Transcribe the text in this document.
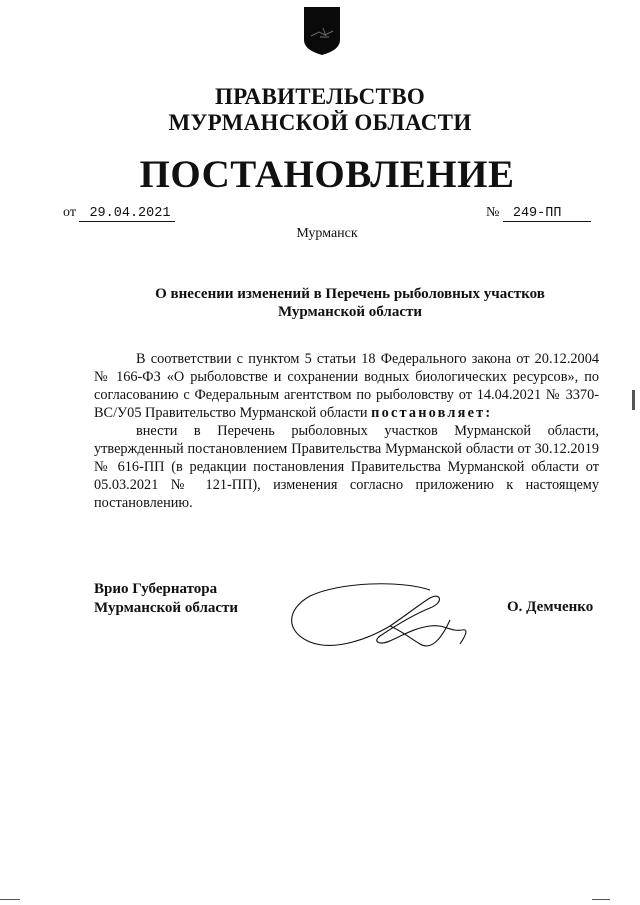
ПРАВИТЕЛЬСТВО
МУРМАНСКОЙ ОБЛАСТИ
ПОСТАНОВЛЕНИЕ
от 29.04.2021	№ 249-ПП
Мурманск
О внесении изменений в Перечень рыболовных участков
Мурманской области

В соответствии с пунктом 5 статьи 18 Федерального закона от 20.12.2004 № 166-ФЗ «О рыболовстве и сохранении водных биологических ресурсов», по согласованию с Федеральным агентством по рыболовству от 14.04.2021 № 3370-ВС/У05 Правительство Мурманской области постановляет:

внести в Перечень рыболовных участков Мурманской области, утвержденный постановлением Правительства Мурманской области от 30.12.2019 № 616-ПП (в редакции постановления Правительства Мурманской области от 05.03.2021 № 121-ПП), изменения согласно приложению к настоящему постановлению.

Врио Губернатора
Мурманской области	О. Демченко
